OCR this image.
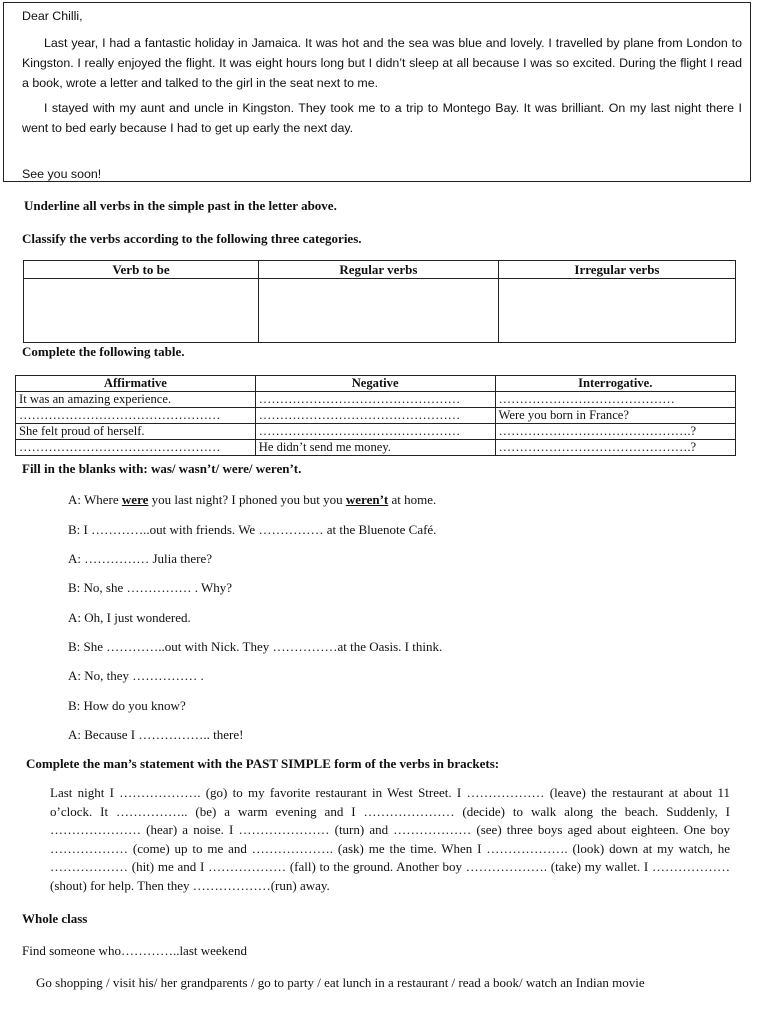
Dear Chilli,

Last year, I had a fantastic holiday in Jamaica. It was hot and the sea was blue and lovely. I travelled by plane from London to Kingston. I really enjoyed the flight. It was eight hours long but I didn’t sleep at all because I was so excited. During the flight I read a book, wrote a letter and talked to the girl in the seat next to me.

I stayed with my aunt and uncle in Kingston. They took me to a trip to Montego Bay. It was brilliant. On my last night there I went to bed early because I had to get up early the next day.

See you soon!

Underline all verbs in the simple past in the letter above.
Classify the verbs according to the following three categories.
Verb to be	Regular verbs	Irregular verbs

Complete the following table.
Affirmative	Negative	Interrogative.
It was an amazing experience.	…………………………………………	……………………………………
…………………………………………	…………………………………………	Were you born in France?
She felt proud of herself.	…………………………………………	……………………………………….?
…………………………………………	He didn’t send me money.	……………………………………….?
Fill in the blanks with: was/ wasn’t/ were/ weren’t.
A: Where were you last night? I phoned you but you weren’t at home.
B: I …………..out with friends. We …………… at the Bluenote Café.
A: …………… Julia there?
B: No, she …………… . Why?
A: Oh, I just wondered.
B: She …………..out with Nick. They ……………at the Oasis. I think.
A: No, they …………… .
B: How do you know?
A: Because I …………….. there!
Complete the man’s statement with the PAST SIMPLE form of the verbs in brackets:
Last night I ………………. (go) to my favorite restaurant in West Street. I ……………… (leave) the restaurant at about 11 o’clock. It …………….. (be) a warm evening and I ………………… (decide) to walk along the beach. Suddenly, I ………………… (hear) a noise. I ………………… (turn) and ……………… (see) three boys aged about eighteen. One boy ……………… (come) up to me and ………………. (ask) me the time. When I ………………. (look) down at my watch, he ……………… (hit) me and I ……………… (fall) to the ground. Another boy ………………. (take) my wallet. I ……………… (shout) for help. Then they ………………(run) away.
Whole class
Find someone who…………..last weekend
Go shopping / visit his/ her grandparents / go to party / eat lunch in a restaurant / read a book/ watch an Indian movie
